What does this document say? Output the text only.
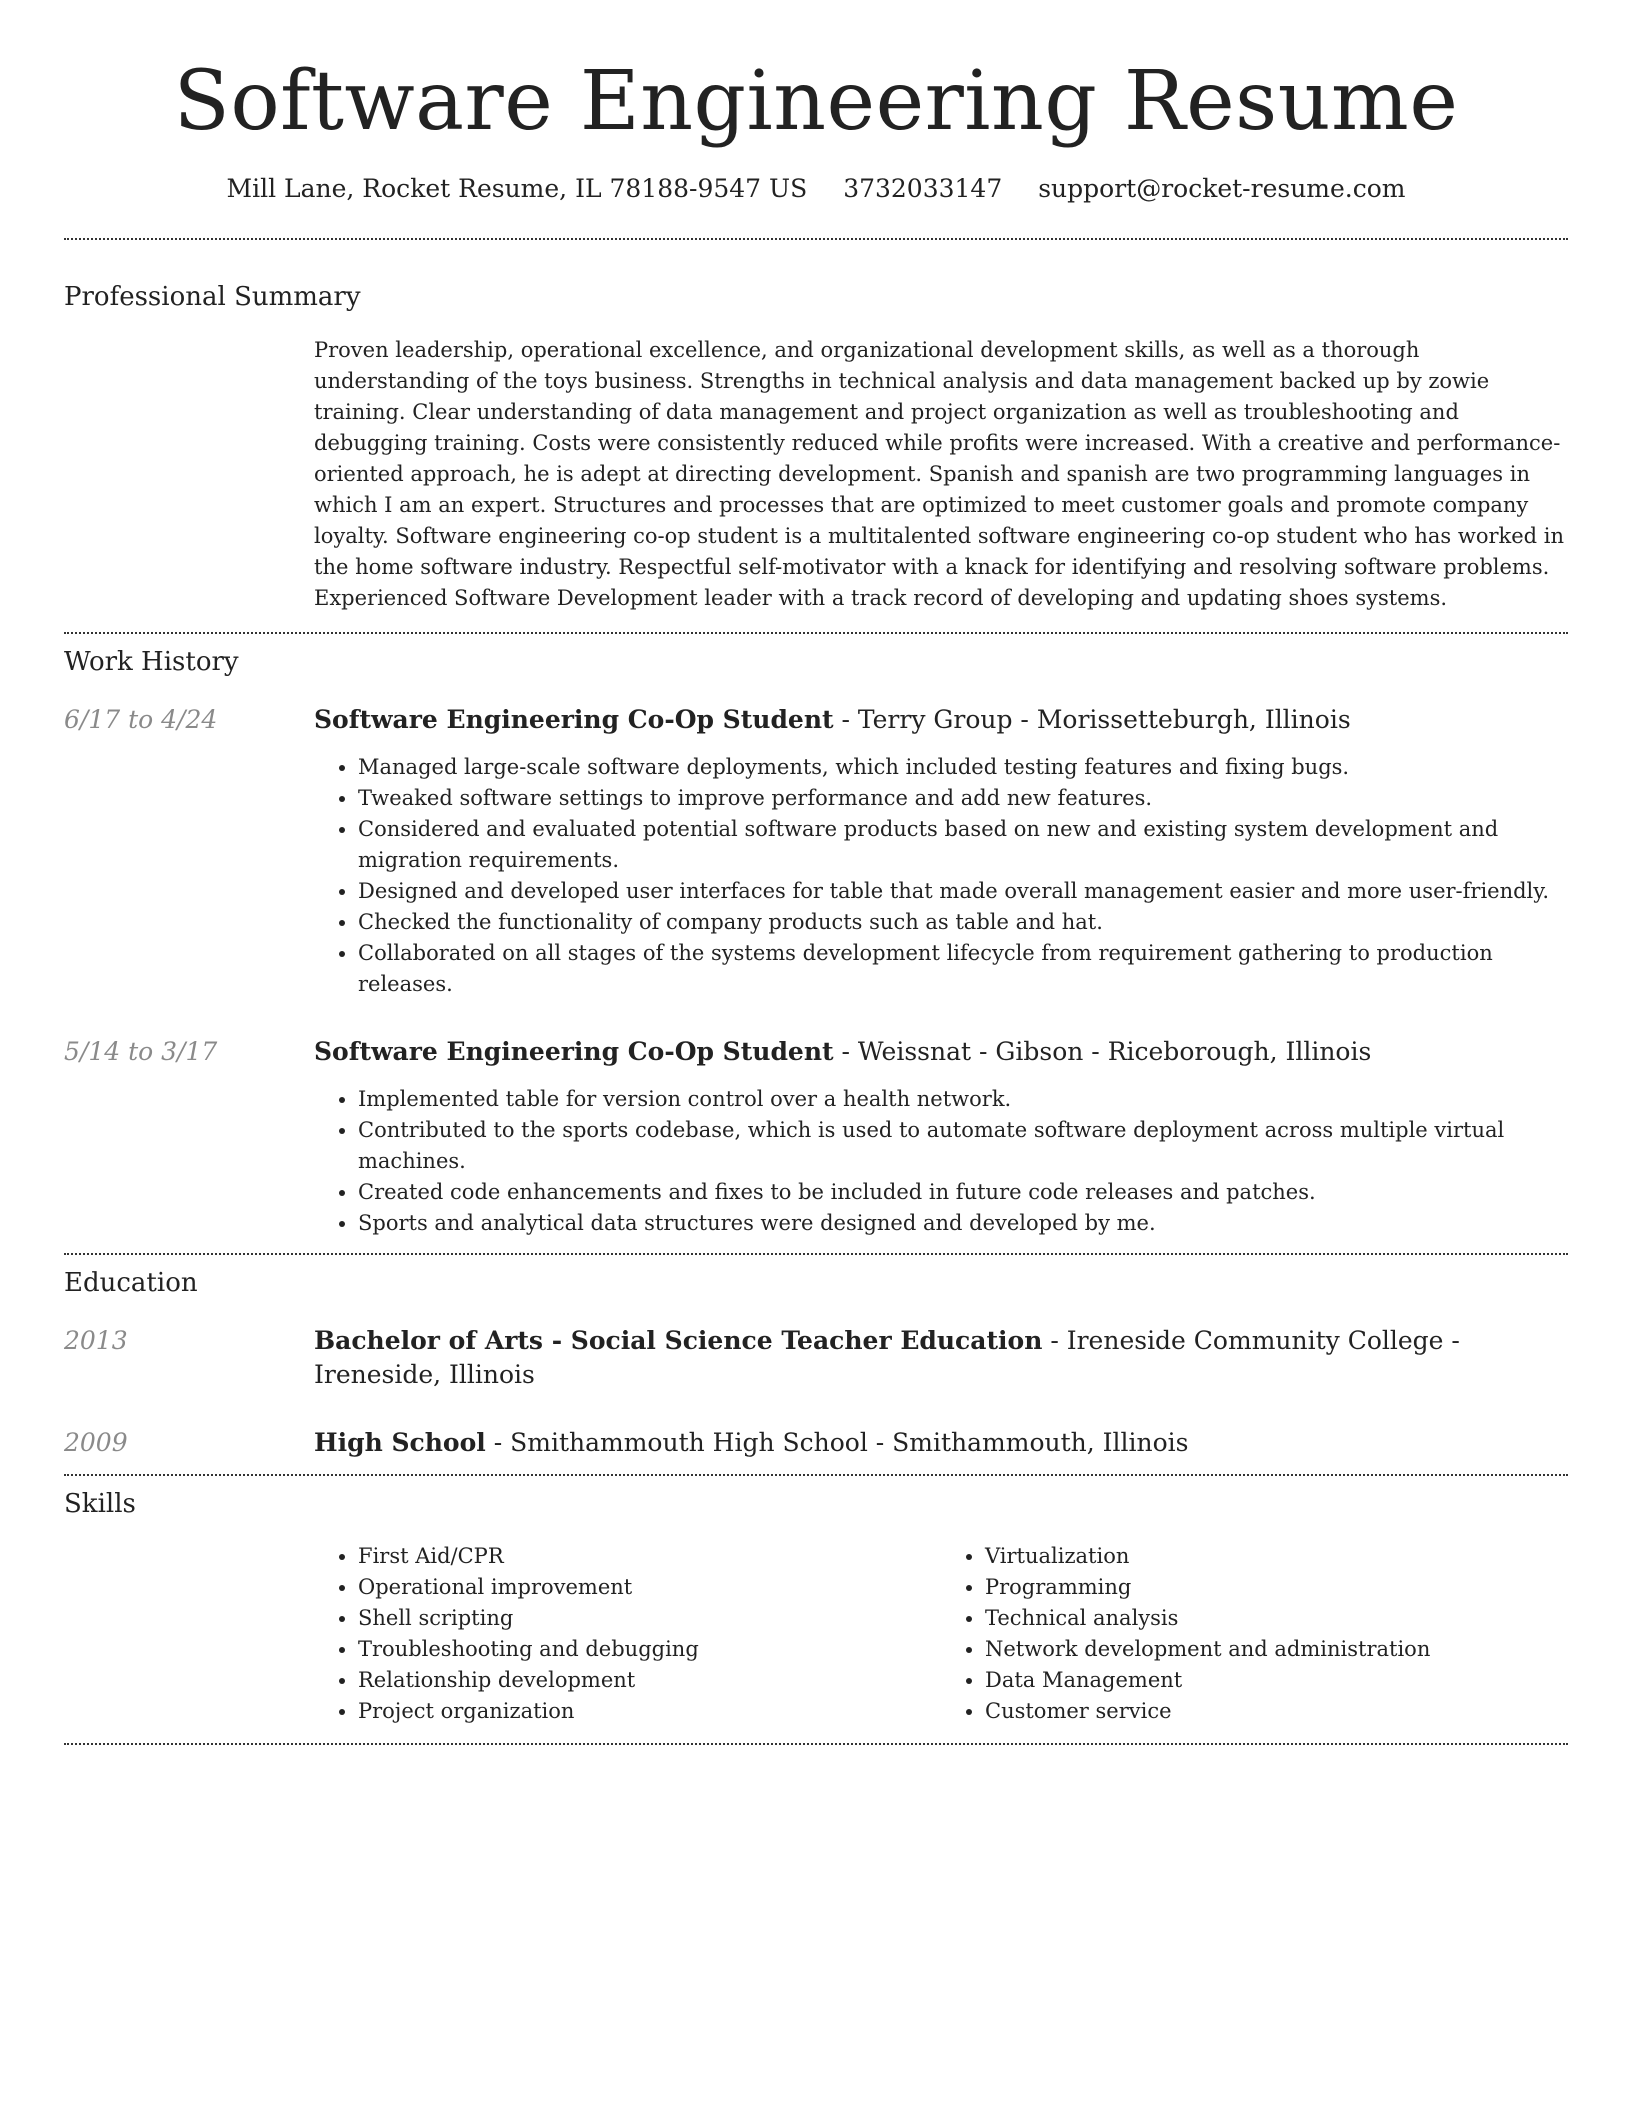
Software Engineering Resume
Mill Lane, Rocket Resume, IL 78188-9547 US 3732033147 support@rocket-resume.com
Professional Summary
Proven leadership, operational excellence, and organizational development skills, as well as a thorough understanding of the toys business. Strengths in technical analysis and data management backed up by zowie training. Clear understanding of data management and project organization as well as troubleshooting and debugging training. Costs were consistently reduced while profits were increased. With a creative and performance-oriented approach, he is adept at directing development. Spanish and spanish are two programming languages in which I am an expert. Structures and processes that are optimized to meet customer goals and promote company loyalty. Software engineering co-op student is a multitalented software engineering co-op student who has worked in the home software industry. Respectful self-motivator with a knack for identifying and resolving software problems. Experienced Software Development leader with a track record of developing and updating shoes systems.
Work History
6/17 to 4/24	Software Engineering Co-Op Student - Terry Group - Morissetteburgh, Illinois
• Managed large-scale software deployments, which included testing features and fixing bugs.
• Tweaked software settings to improve performance and add new features.
• Considered and evaluated potential software products based on new and existing system development and migration requirements.
• Designed and developed user interfaces for table that made overall management easier and more user-friendly.
• Checked the functionality of company products such as table and hat.
• Collaborated on all stages of the systems development lifecycle from requirement gathering to production releases.
5/14 to 3/17	Software Engineering Co-Op Student - Weissnat - Gibson - Riceborough, Illinois
• Implemented table for version control over a health network.
• Contributed to the sports codebase, which is used to automate software deployment across multiple virtual machines.
• Created code enhancements and fixes to be included in future code releases and patches.
• Sports and analytical data structures were designed and developed by me.
Education
2013	Bachelor of Arts - Social Science Teacher Education - Ireneside Community College - Ireneside, Illinois
2009	High School - Smithammouth High School - Smithammouth, Illinois
Skills
• First Aid/CPR
• Operational improvement
• Shell scripting
• Troubleshooting and debugging
• Relationship development
• Project organization
• Virtualization
• Programming
• Technical analysis
• Network development and administration
• Data Management
• Customer service
